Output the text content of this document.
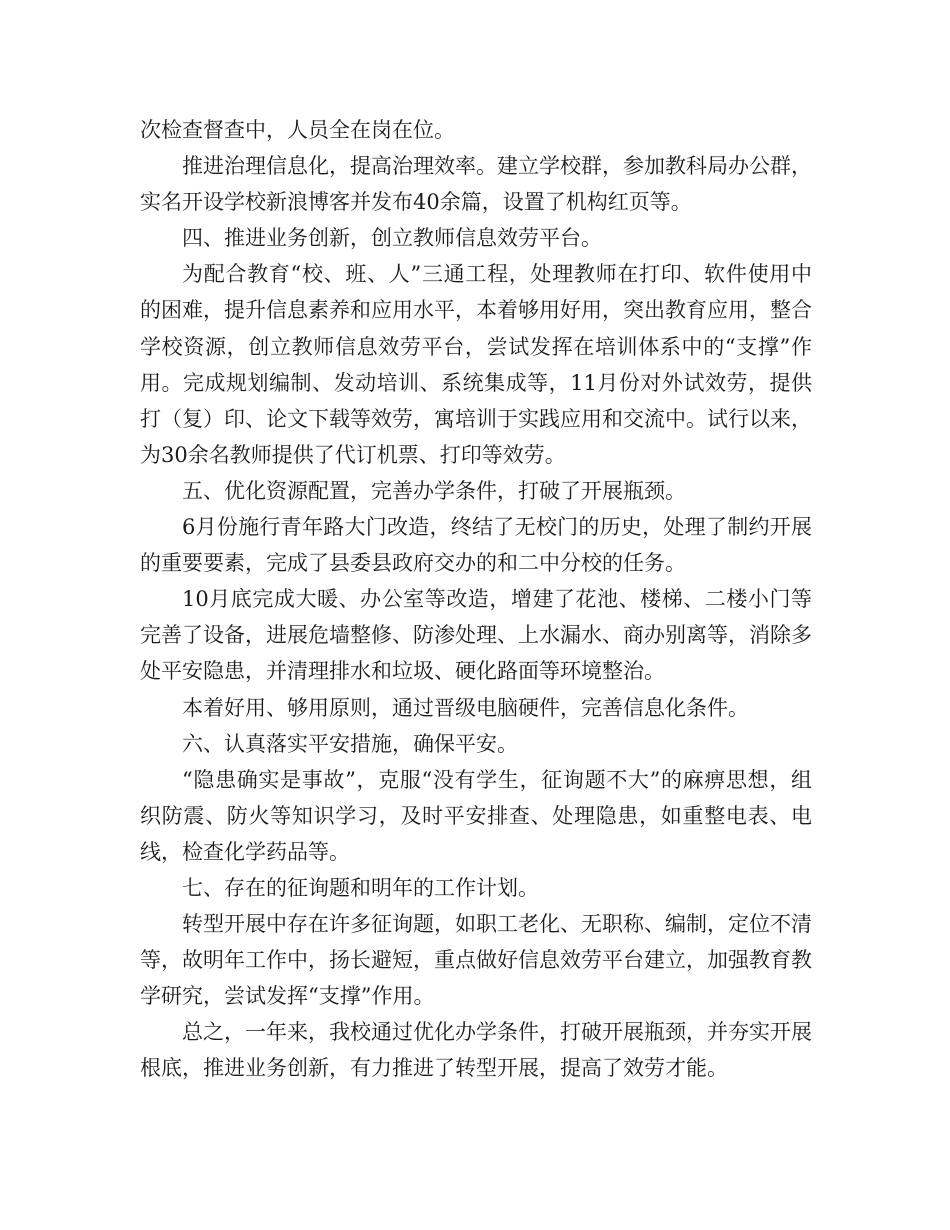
次检查督查中，人员全在岗在位。

推进治理信息化，提高治理效率。建立学校群，参加教科局办公群，实名开设学校新浪博客并发布40余篇，设置了机构红页等。

四、推进业务创新，创立教师信息效劳平台。

为配合教育“校、班、人”三通工程，处理教师在打印、软件使用中的困难，提升信息素养和应用水平，本着够用好用，突出教育应用，整合学校资源，创立教师信息效劳平台，尝试发挥在培训体系中的“支撑”作用。完成规划编制、发动培训、系统集成等，11月份对外试效劳，提供打（复）印、论文下载等效劳，寓培训于实践应用和交流中。试行以来，为30余名教师提供了代订机票、打印等效劳。

五、优化资源配置，完善办学条件，打破了开展瓶颈。

6月份施行青年路大门改造，终结了无校门的历史，处理了制约开展的重要要素，完成了县委县政府交办的和二中分校的任务。

10月底完成大暖、办公室等改造，增建了花池、楼梯、二楼小门等完善了设备，进展危墙整修、防渗处理、上水漏水、商办别离等，消除多处平安隐患，并清理排水和垃圾、硬化路面等环境整治。

本着好用、够用原则，通过晋级电脑硬件，完善信息化条件。

六、认真落实平安措施，确保平安。

“隐患确实是事故”，克服“没有学生，征询题不大”的麻痹思想，组织防震、防火等知识学习，及时平安排查、处理隐患，如重整电表、电线，检查化学药品等。

七、存在的征询题和明年的工作计划。

转型开展中存在许多征询题，如职工老化、无职称、编制，定位不清等，故明年工作中，扬长避短，重点做好信息效劳平台建立，加强教育教学研究，尝试发挥“支撑”作用。

总之，一年来，我校通过优化办学条件，打破开展瓶颈，并夯实开展根底，推进业务创新，有力推进了转型开展，提高了效劳才能。
